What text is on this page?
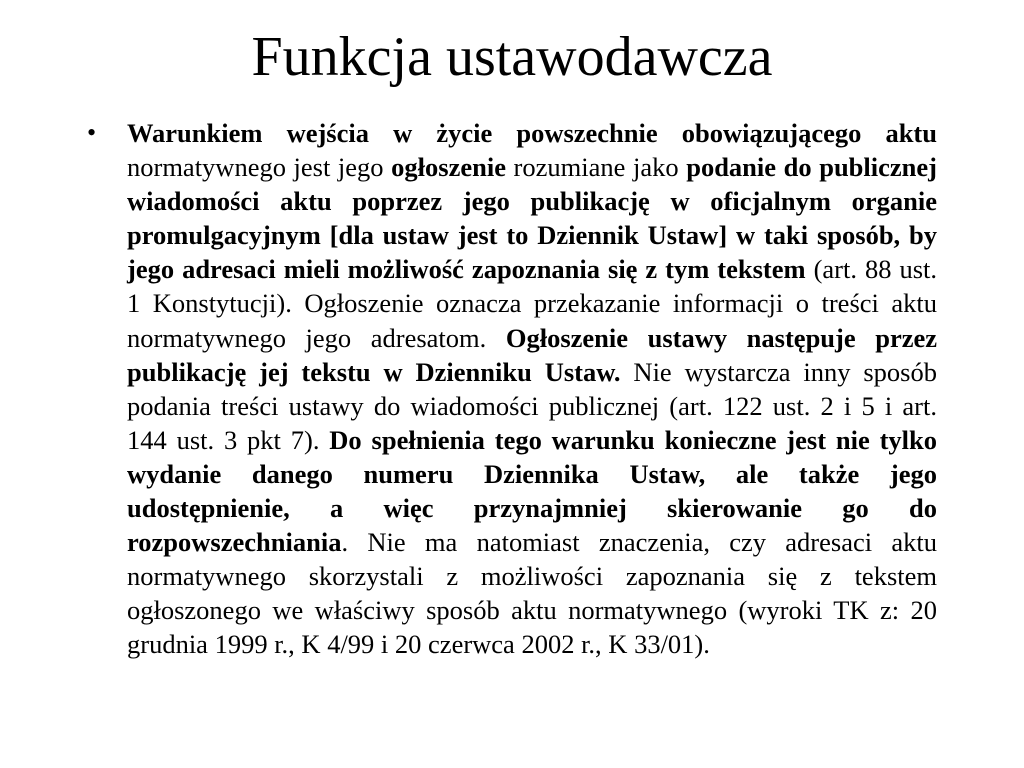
Funkcja ustawodawcza
• Warunkiem wejścia w życie powszechnie obowiązującego aktu normatywnego jest jego ogłoszenie rozumiane jako podanie do publicznej wiadomości aktu poprzez jego publikację w oficjalnym organie promulgacyjnym [dla ustaw jest to Dziennik Ustaw] w taki sposób, by jego adresaci mieli możliwość zapoznania się z tym tekstem (art. 88 ust. 1 Konstytucji). Ogłoszenie oznacza przekazanie informacji o treści aktu normatywnego jego adresatom. Ogłoszenie ustawy następuje przez publikację jej tekstu w Dzienniku Ustaw. Nie wystarcza inny sposób podania treści ustawy do wiadomości publicznej (art. 122 ust. 2 i 5 i art. 144 ust. 3 pkt 7). Do spełnienia tego warunku konieczne jest nie tylko wydanie danego numeru Dziennika Ustaw, ale także jego udostępnienie, a więc przynajmniej skierowanie go do rozpowszechniania. Nie ma natomiast znaczenia, czy adresaci aktu normatywnego skorzystali z możliwości zapoznania się z tekstem ogłoszonego we właściwy sposób aktu normatywnego (wyroki TK z: 20 grudnia 1999 r., K 4/99 i 20 czerwca 2002 r., K 33/01).
